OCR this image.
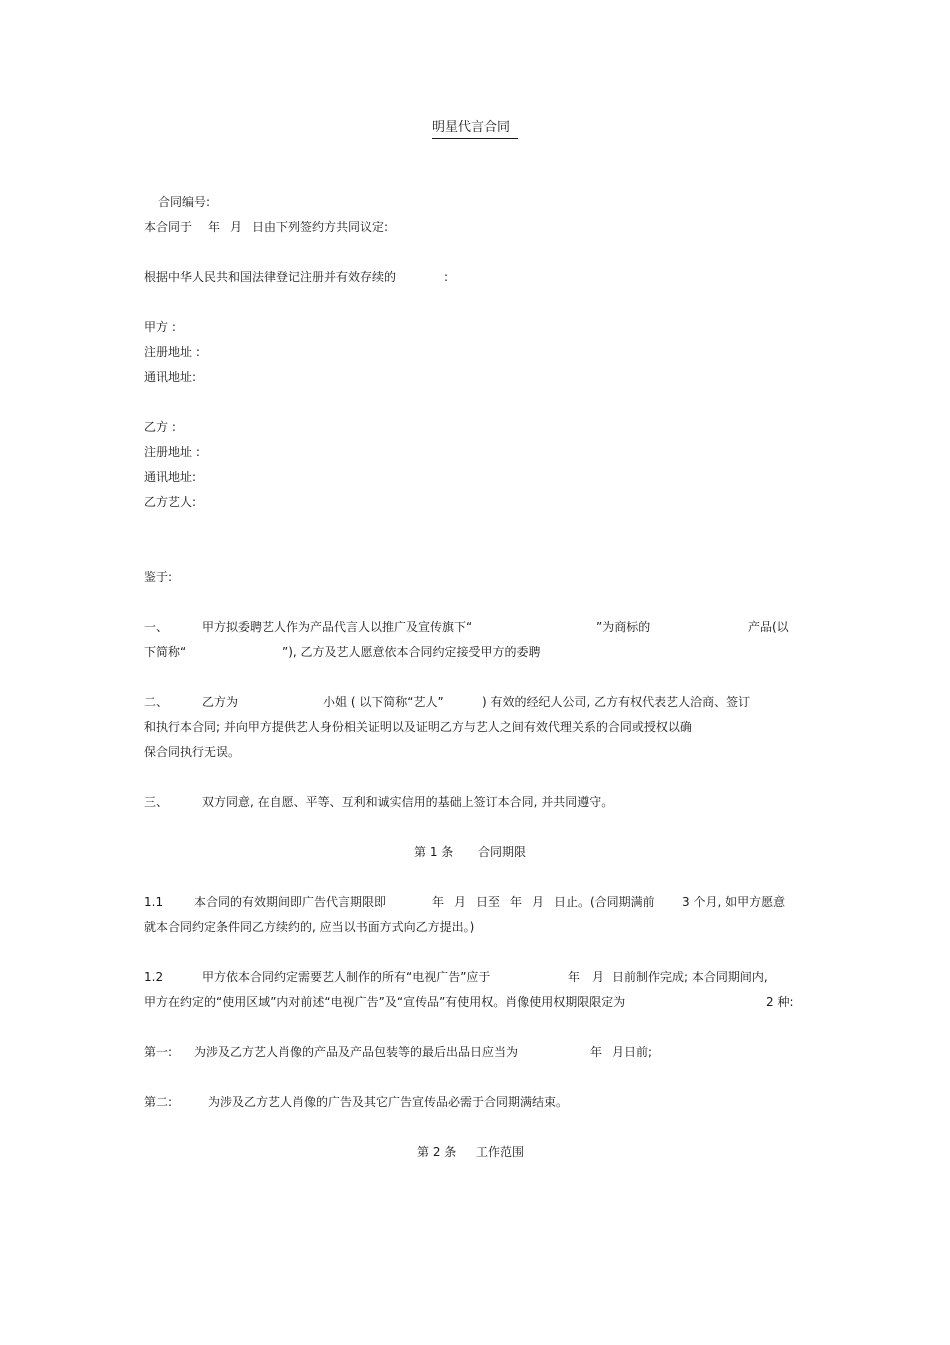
明星代言合同
合同编号:
本合同于 年 月 日由下列签约方共同议定:
根据中华人民共和国法律登记注册并有效存续的	:
甲方 :
注册地址 :
通讯地址:
乙方 :
注册地址 :
通讯地址:
乙方艺人:
鉴于:
一、	甲方拟委聘艺人作为产品代言人以推广及宣传旗下“	”为商标的	产品(以
下简称“	”), 乙方及艺人愿意依本合同约定接受甲方的委聘
二、	乙方为	小姐 ( 以下简称“艺人”	) 有效的经纪人公司, 乙方有权代表艺人洽商、签订
和执行本合同; 并向甲方提供艺人身份相关证明以及证明乙方与艺人之间有效代理关系的合同或授权以确
保合同执行无误。
三、	双方同意, 在自愿、平等、互利和诚实信用的基础上签订本合同, 并共同遵守。
第 1 条 合同期限
1.1	本合同的有效期间即广告代言期限即	年 月 日至 年 月 日止。(合同期满前 3 个月, 如甲方愿意
就本合同约定条件同乙方续约的, 应当以书面方式向乙方提出。)
1.2	甲方依本合同约定需要艺人制作的所有“电视广告”应于	年 月 日前制作完成; 本合同期间内,
甲方在约定的“使用区域”内对前述“电视广告”及“宣传品”有使用权。肖像使用权期限限定为	2 种:
第一: 为涉及乙方艺人肖像的产品及产品包装等的最后出品日应当为	年 月日前;
第二:	为涉及乙方艺人肖像的广告及其它广告宣传品必需于合同期满结束。
第 2 条 工作范围
